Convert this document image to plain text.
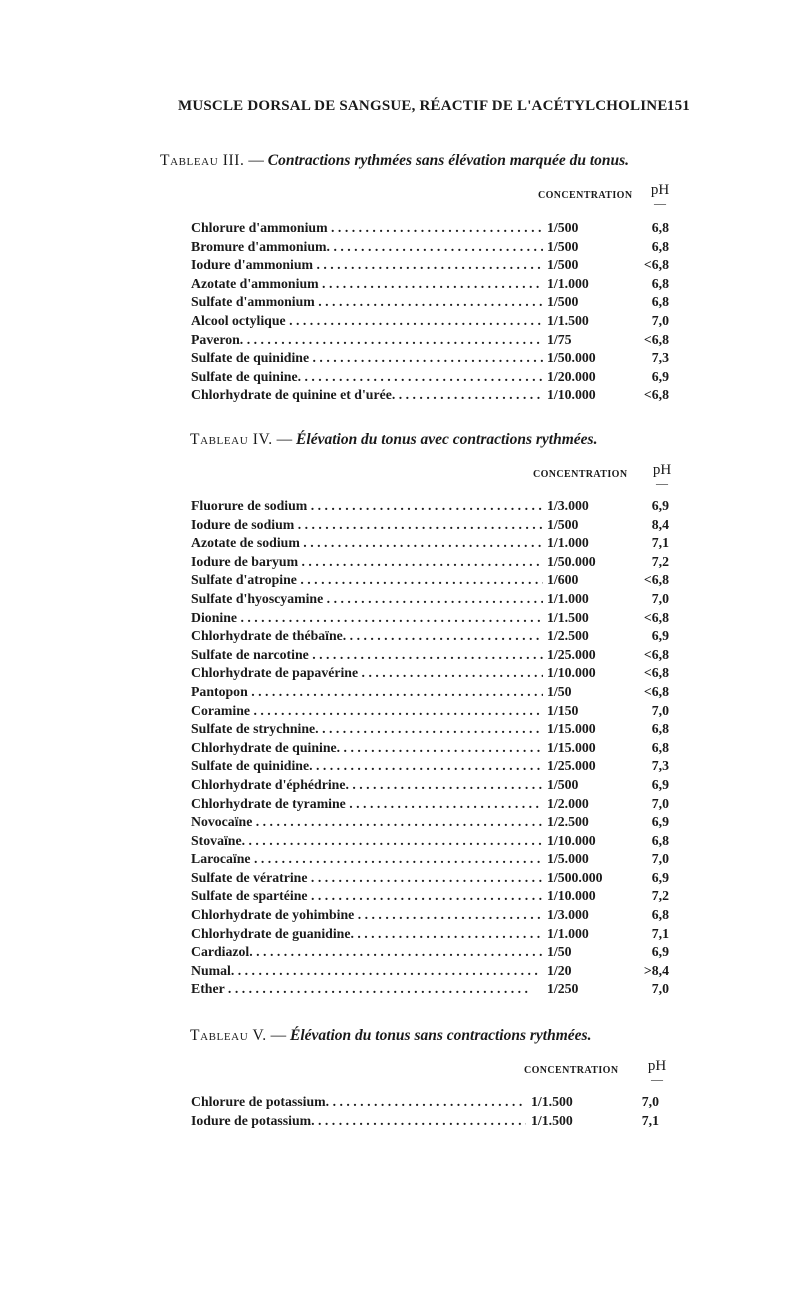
MUSCLE DORSAL DE SANGSUE, RÉACTIF DE L'ACÉTYLCHOLINE 151
Tableau III. — Contractions rythmées sans élévation marquée du tonus.
CONCENTRATION	pH
—
Chlorure d'ammonium . . .	1/500	6,8
Bromure d'ammonium. . . .	1/500	6,8
Iodure d'ammonium . . .	1/500	<6,8
Azotate d'ammonium . . .	1/1.000	6,8
Sulfate d'ammonium . . .	1/500	6,8
Alcool octylique . . .	1/1.500	7,0
Paveron. . . .	1/75	<6,8
Sulfate de quinidine . . .	1/50.000	7,3
Sulfate de quinine. . . .	1/20.000	6,9
Chlorhydrate de quinine et d'urée. . . .	1/10.000	<6,8
Tableau IV. — Élévation du tonus avec contractions rythmées.
CONCENTRATION	pH
—
Fluorure de sodium . . .	1/3.000	6,9
Iodure de sodium . . .	1/500	8,4
Azotate de sodium . . .	1/1.000	7,1
Iodure de baryum . . .	1/50.000	7,2
Sulfate d'atropine . . .	1/600	<6,8
Sulfate d'hyoscyamine . . .	1/1.000	7,0
Dionine . . .	1/1.500	<6,8
Chlorhydrate de thébaïne. . . .	1/2.500	6,9
Sulfate de narcotine . . .	1/25.000	<6,8
Chlorhydrate de papavérine . . .	1/10.000	<6,8
Pantopon . . .	1/50	<6,8
Coramine . . .	1/150	7,0
Sulfate de strychnine. . . .	1/15.000	6,8
Chlorhydrate de quinine. . . .	1/15.000	6,8
Sulfate de quinidine. . . .	1/25.000	7,3
Chlorhydrate d'éphédrine. . . .	1/500	6,9
Chlorhydrate de tyramine . . .	1/2.000	7,0
Novocaïne . . .	1/2.500	6,9
Stovaïne. . . .	1/10.000	6,8
Larocaïne . . .	1/5.000	7,0
Sulfate de vératrine . . .	1/500.000	6,9
Sulfate de spartéine . . .	1/10.000	7,2
Chlorhydrate de yohimbine . . .	1/3.000	6,8
Chlorhydrate de guanidine. . . .	1/1.000	7,1
Cardiazol. . . .	1/50	6,9
Numal. . . .	1/20	>8,4
Ether . . .	1/250	7,0
Tableau V. — Élévation du tonus sans contractions rythmées.
CONCENTRATION	pH
—
Chlorure de potassium. . . .	1/1.500	7,0
Iodure de potassium. . . .	1/1.500	7,1
